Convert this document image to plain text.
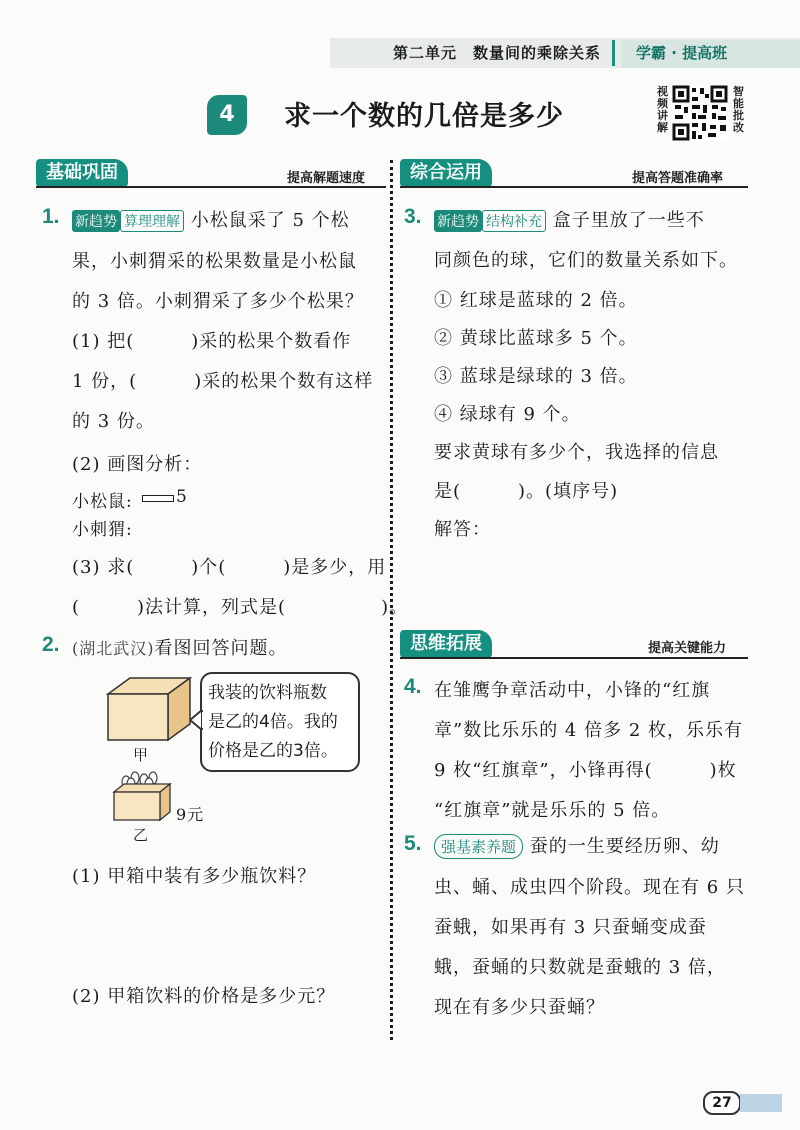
第二单元　数量间的乘除关系 学霸 · 提高班
4	求一个数的几倍是多少
视频讲解
智能批改
基础巩固	提高解题速度	综合运用	提高答题准确率
1. 新趋势 算理理解 小松鼠采了 5 个松
果，小刺猬采的松果数量是小松鼠
的 3 倍。小刺猬采了多少个松果？
(1) 把(　　　)采的松果个数看作
1 份，(　　　)采的松果个数有这样
的 3 份。
(2) 画图分析：
小松鼠:	5
小刺猬:
(3) 求(　　　)个(　　　)是多少，用
(　　　)法计算，列式是(　　　　　)。
2. (湖北武汉)看图回答问题。
甲
我装的饮料瓶数
是乙的4倍。我的
价格是乙的3倍。
9元
乙
(1) 甲箱中装有多少瓶饮料？
(2) 甲箱饮料的价格是多少元？
3. 新趋势 结构补充 盒子里放了一些不
同颜色的球，它们的数量关系如下。
① 红球是蓝球的 2 倍。
② 黄球比蓝球多 5 个。
③ 蓝球是绿球的 3 倍。
④ 绿球有 9 个。
要求黄球有多少个，我选择的信息
是(　　　)。(填序号)
解答：
思维拓展	提高关键能力
4. 在雏鹰争章活动中，小锋的“红旗
章”数比乐乐的 4 倍多 2 枚，乐乐有
9 枚“红旗章”，小锋再得(　　　)枚
“红旗章”就是乐乐的 5 倍。
5.	强基素养题 蚕的一生要经历卵、幼
虫、蛹、成虫四个阶段。现在有 6 只
蚕蛾，如果再有 3 只蚕蛹变成蚕
蛾，蚕蛹的只数就是蚕蛾的 3 倍，
现在有多少只蚕蛹？
27
